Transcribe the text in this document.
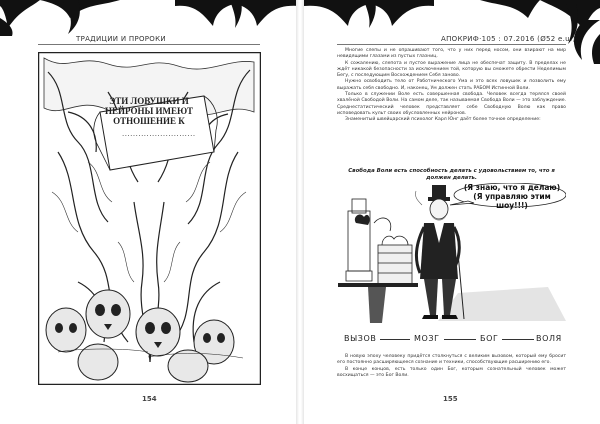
ТРАДИЦИИ И ПРОРОКИ
ЭТИ ЛОВУШКИ И НЕЙРОНЫ ИМЕЮТ ОТНОШЕНИЕ К
...........................
154
АПОКРИФ·105 : 07.2016 (Ø52 e.u.)

Многие слепы и не опрашивают того, что у них перед носом, они взирают на мир невидящими глазами из пустых глазниц.

К сожалению, слепота и пустое выражение лица не обеспечат защиту. В пределах не ждёт никакой безопасности за исключением той, которую вы сможете обрести Неделимым Бегу, с последующим Восхождением Себя заново.

Нужно освободить тело от Работнического Ума и это всех ловушек и позволить ему выражать себя свободно. И, наконец, Ум должен стать РАБОМ Истинной Воли.

Только в служении Воле есть совершенная свобода. Человек всегда терялся своей хвалёной Свободой Воли. На самом деле, так называемая Свобода Воли — это заблуждение. Среднестатистический человек представляет себе Свободную Волю как право исповедовать культ своих обусловленных нейронов.

Знаменитый швейцарский психолог Карл Юнг даёт более точное определение:

Свобода Воли есть способность делать с удовольствием то, что я должен делать.
(Я знаю, что я делаю) (Я управляю этим шоу!!!)
ВЫЗОВ	МОЗГ	БОГ	ВОЛЯ

В новую эпоху человеку придётся столкнуться с великим вызовом, который ему бросит его постоянно расширяющееся сознание и техники, способствующие расширению его.

В конце концов, есть только один Бог, которым сознательный человек может восхищаться — это Бог Воли.

155
